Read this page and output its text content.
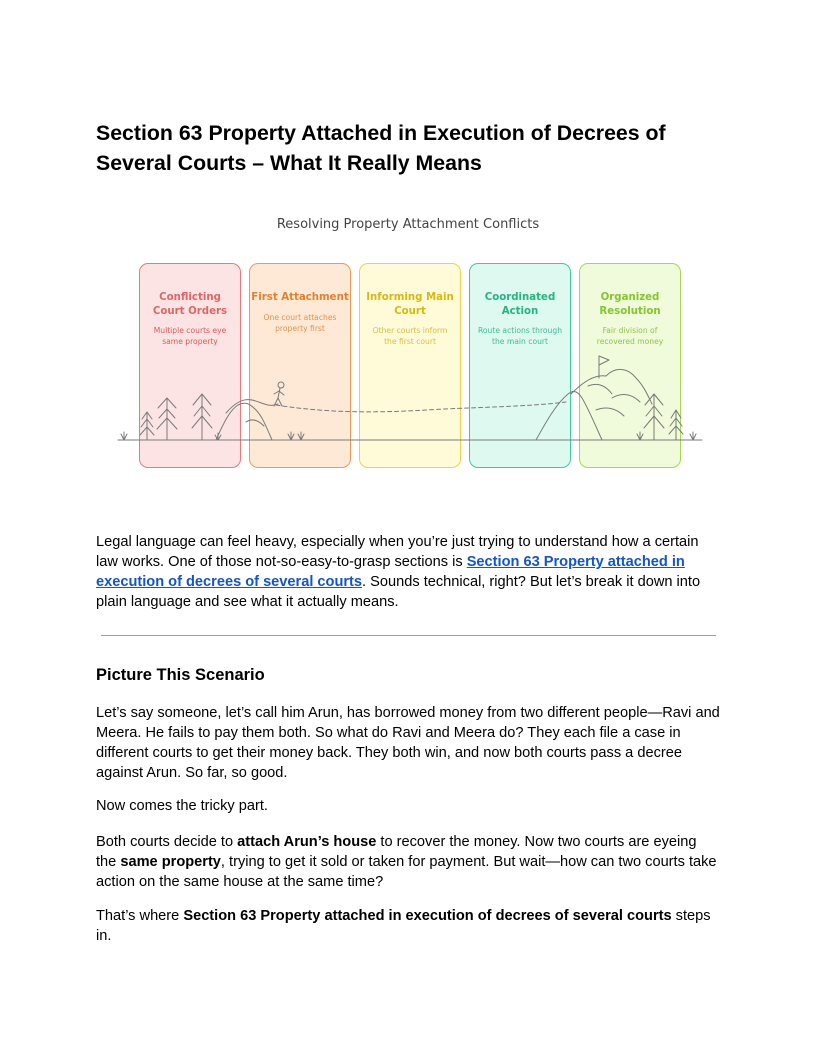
Section 63 Property Attached in Execution of Decrees of Several Courts – What It Really Means
Resolving Property Attachment Conflicts
Conflicting
Court Orders
Multiple courts eye
same property
First Attachment
One court attaches
property first
Informing Main
Court
Other courts inform
the first court
Coordinated
Action
Route actions through
the main court
Organized
Resolution
Fair division of
recovered money

Legal language can feel heavy, especially when you’re just trying to understand how a certain law works. One of those not-so-easy-to-grasp sections is Section 63 Property attached in execution of decrees of several courts. Sounds technical, right? But let’s break it down into plain language and see what it actually means.

Picture This Scenario

Let’s say someone, let’s call him Arun, has borrowed money from two different people—Ravi and Meera. He fails to pay them both. So what do Ravi and Meera do? They each file a case in different courts to get their money back. They both win, and now both courts pass a decree against Arun. So far, so good.

Now comes the tricky part.

Both courts decide to attach Arun’s house to recover the money. Now two courts are eyeing the same property, trying to get it sold or taken for payment. But wait—how can two courts take action on the same house at the same time?

That’s where Section 63 Property attached in execution of decrees of several courts steps in.
